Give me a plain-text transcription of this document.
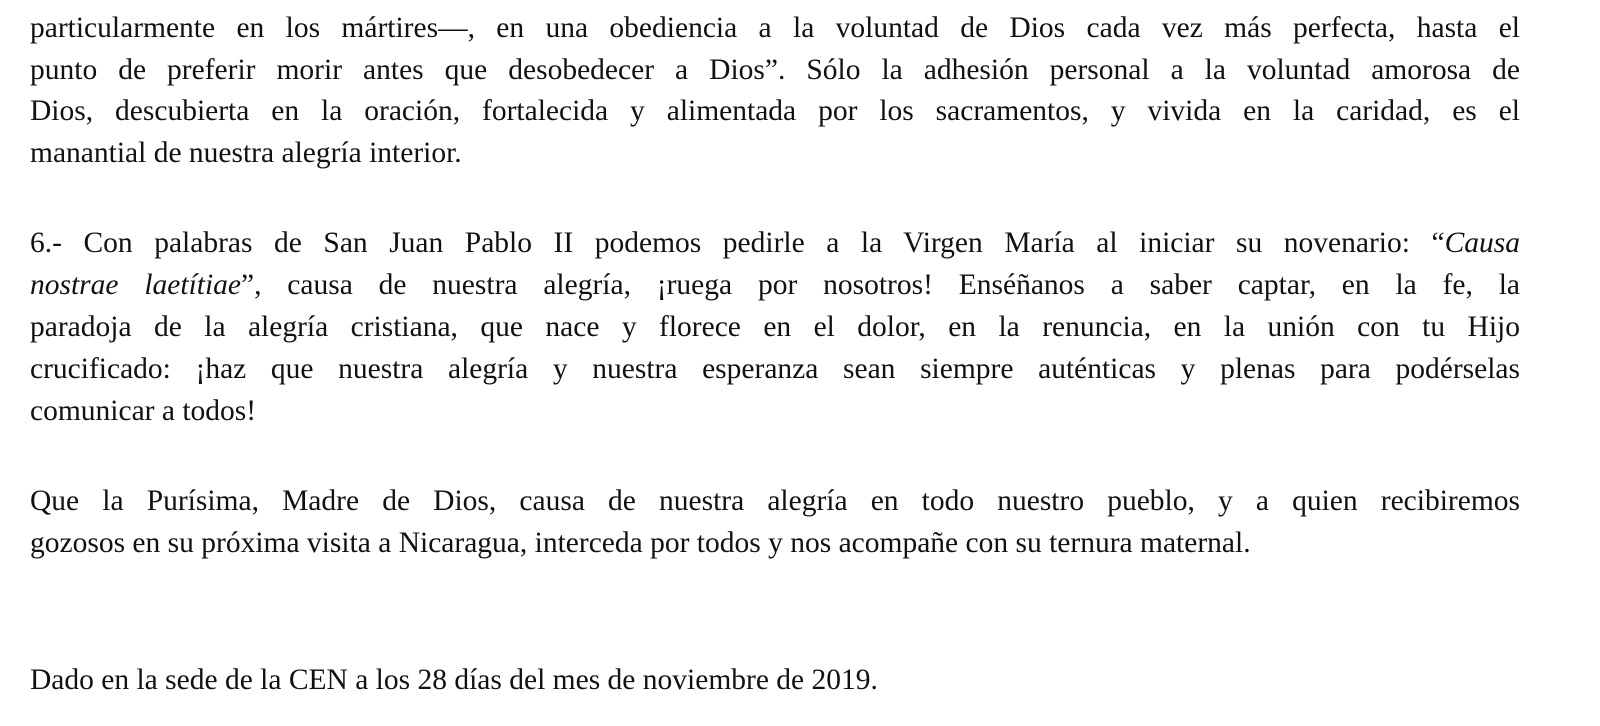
particularmente en los mártires—, en una obediencia a la voluntad de Dios cada vez más perfecta, hasta el
punto de preferir morir antes que desobedecer a Dios”. Sólo la adhesión personal a la voluntad amorosa de
Dios, descubierta en la oración, fortalecida y alimentada por los sacramentos, y vivida en la caridad, es el
manantial de nuestra alegría interior.
6.- Con palabras de San Juan Pablo II podemos pedirle a la Virgen María al iniciar su novenario: “Causa
nostrae laetítiae”, causa de nuestra alegría, ¡ruega por nosotros! Enséñanos a saber captar, en la fe, la
paradoja de la alegría cristiana, que nace y florece en el dolor, en la renuncia, en la unión con tu Hijo
crucificado: ¡haz que nuestra alegría y nuestra esperanza sean siempre auténticas y plenas para podérselas
comunicar a todos!
Que la Purísima, Madre de Dios, causa de nuestra alegría en todo nuestro pueblo, y a quien recibiremos
gozosos en su próxima visita a Nicaragua, interceda por todos y nos acompañe con su ternura maternal.
Dado en la sede de la CEN a los 28 días del mes de noviembre de 2019.
